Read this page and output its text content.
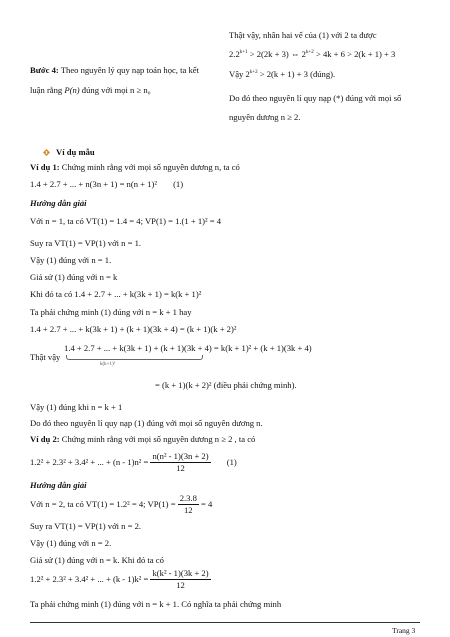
Thật vậy, nhân hai vế của (1) với 2 ta được
$2.2^{k+1} > 2(2k + 3)$ ⇔ $2^{k+2} > 4k + 6 > 2(k + 1) + 3$
Vậy $2^{k+2} > 2(k + 1) + 3$ (đúng).
Do đó theo nguyên lí quy nạp (*) đúng với mọi số
nguyên dương n ≥ 2.
Bước 4: Theo nguyên lý quy nạp toán học, ta kết
luận rằng P(n) đúng với mọi n ≥ n₀
Ví dụ mẫu
Ví dụ 1: Chứng minh rằng với mọi số nguyên dương n, ta có
1.4 + 2.7 + ... + n(3n + 1) = n(n + 1)² (1)
Hướng dẫn giải
Với n = 1, ta có VT(1) = 1.4 = 4; VP(1) = 1.(1 + 1)² = 4
Suy ra VT(1) = VP(1) với n = 1.
Vậy (1) đúng với n = 1.
Giả sử (1) đúng với n = k
Khi đó ta có 1.4 + 2.7 + ... + k(3k + 1) = k(k + 1)²
Ta phải chứng minh (1) đúng với n = k + 1 hay
1.4 + 2.7 + ... + k(3k + 1) + (k + 1)(3k + 4) = (k + 1)(k + 2)²
Thật vậy
1.4 + 2.7 + ... + k(3k + 1) + (k + 1)(3k + 4) = k(k + 1)² + (k + 1)(3k + 4)
k(k+1)²
= (k + 1)(k + 2)² (điều phải chứng minh).
Vậy (1) đúng khi n = k + 1
Do đó theo nguyên lí quy nạp (1) đúng với mọi số nguyên dương n.
Ví dụ 2: Chứng minh rằng với mọi số nguyên dương n ≥ 2 , ta có
1.2² + 2.3² + 3.4² + ... + $(n - 1)n^2 = \frac{\text{n(n² - 1)(3n + 2)}}{12} (1)$
Hướng dẫn giải
Với n = 2, ta có VT(1) = 1.2² = 4; $VP(1) = \frac{2.3.8}{12} = 4$
Suy ra VT(1) = VP(1) với n = 2.
Vậy (1) đúng với n = 2.
Giả sử (1) đúng với n = k. Khi đó ta có
1.2² + 2.3² + 3.4² + ... + $(k - 1)k^2 = \frac{\text{k(k² - 1)(3k + 2)}}{12}$
Ta phải chứng minh (1) đúng với n = k + 1. Có nghĩa ta phải chứng minh
Trang 3
